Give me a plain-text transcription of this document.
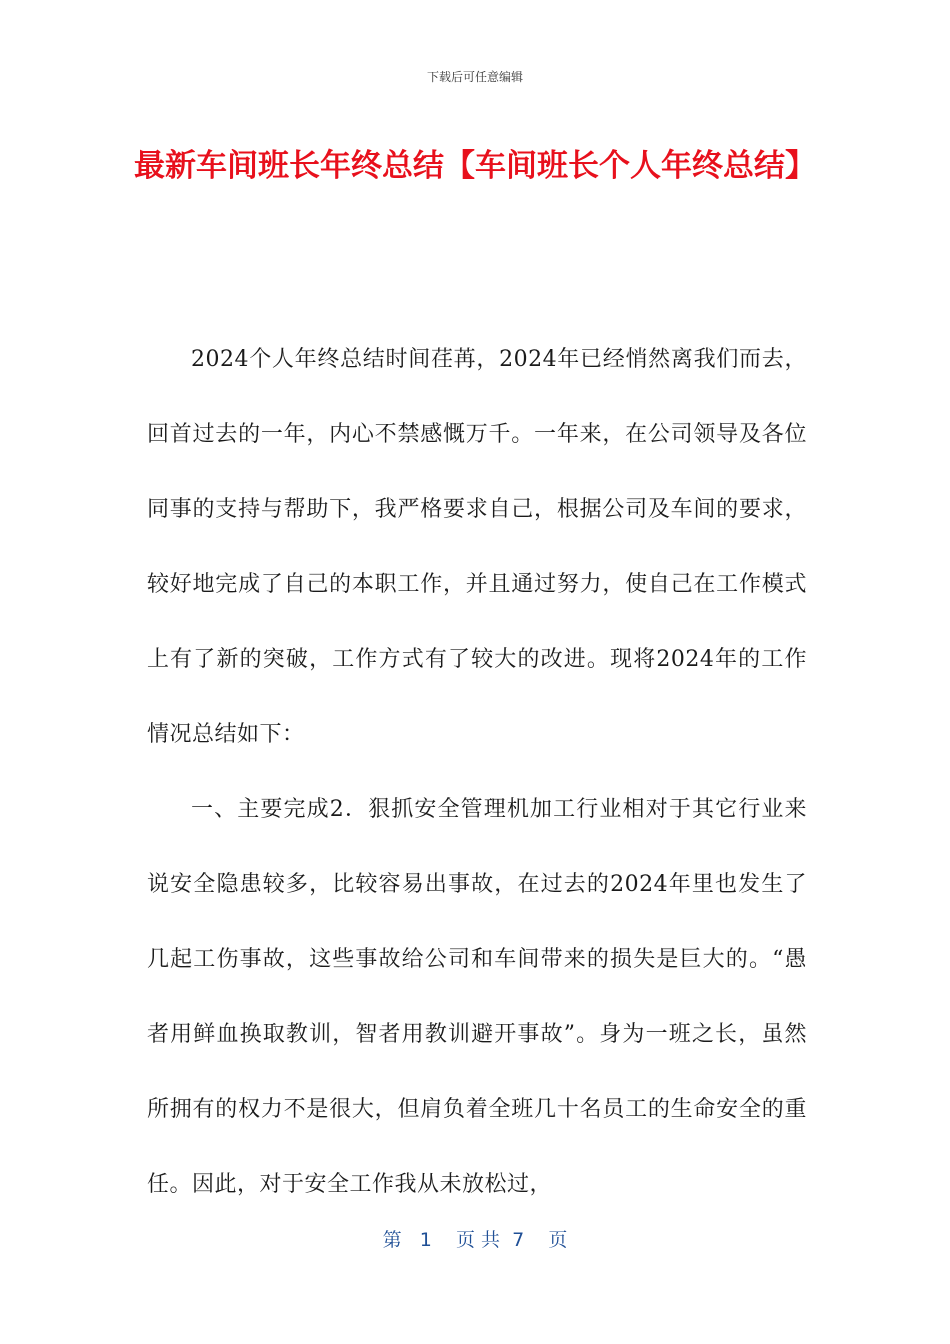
下载后可任意编辑
最新车间班长年终总结【车间班长个人年终总结】

2024个人年终总结时间荏苒，2024年已经悄然离我们而去，回首过去的一年，内心不禁感慨万千。一年来，在公司领导及各位同事的支持与帮助下，我严格要求自己，根据公司及车间的要求，较好地完成了自己的本职工作，并且通过努力，使自己在工作模式上有了新的突破，工作方式有了较大的改进。现将2024年的工作情况总结如下：

一、主要完成2．狠抓安全管理机加工行业相对于其它行业来说安全隐患较多，比较容易出事故，在过去的2024年里也发生了几起工伤事故，这些事故给公司和车间带来的损失是巨大的。“愚者用鲜血换取教训，智者用教训避开事故”。身为一班之长，虽然所拥有的权力不是很大，但肩负着全班几十名员工的生命安全的重任。因此，对于安全工作我从未放松过，

第   1    页 共  7    页
